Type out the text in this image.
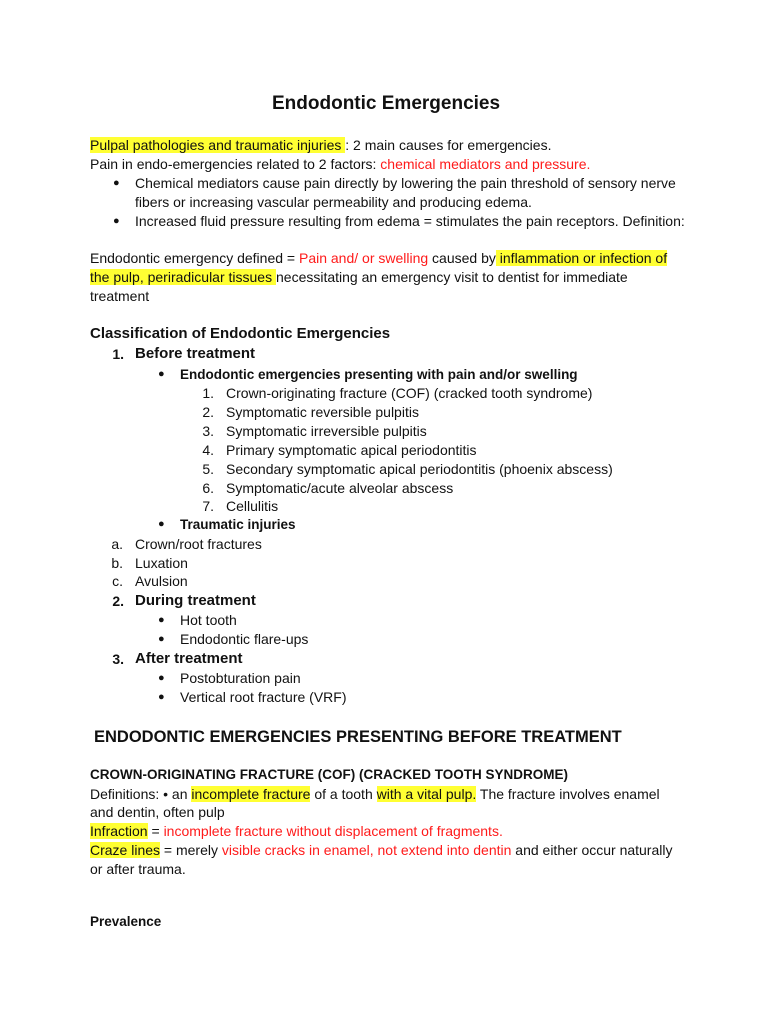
Endodontic Emergencies
Pulpal pathologies and traumatic injuries : 2 main causes for emergencies.
Pain in endo-emergencies related to 2 factors: chemical mediators and pressure.
● Chemical mediators cause pain directly by lowering the pain threshold of sensory nerve
fibers or increasing vascular permeability and producing edema.
● Increased fluid pressure resulting from edema = stimulates the pain receptors. Definition:
Endodontic emergency defined = Pain and/ or swelling caused by inflammation or infection of
the pulp, periradicular tissues necessitating an emergency visit to dentist for immediate
treatment
Classification of Endodontic Emergencies
1. Before treatment
● Endodontic emergencies presenting with pain and/or swelling
1. Crown-originating fracture (COF) (cracked tooth syndrome)
2. Symptomatic reversible pulpitis
3. Symptomatic irreversible pulpitis
4. Primary symptomatic apical periodontitis
5. Secondary symptomatic apical periodontitis (phoenix abscess)
6. Symptomatic/acute alveolar abscess
7. Cellulitis
● Traumatic injuries
a. Crown/root fractures
b. Luxation
c. Avulsion
2. During treatment
● Hot tooth
● Endodontic flare-ups
3. After treatment
● Postobturation pain
● Vertical root fracture (VRF)
ENDODONTIC EMERGENCIES PRESENTING BEFORE TREATMENT
CROWN-ORIGINATING FRACTURE (COF) (CRACKED TOOTH SYNDROME)
Definitions: • an incomplete fracture of a tooth with a vital pulp. The fracture involves enamel
and dentin, often pulp
Infraction = incomplete fracture without displacement of fragments.
Craze lines = merely visible cracks in enamel, not extend into dentin and either occur naturally
or after trauma.
Prevalence
